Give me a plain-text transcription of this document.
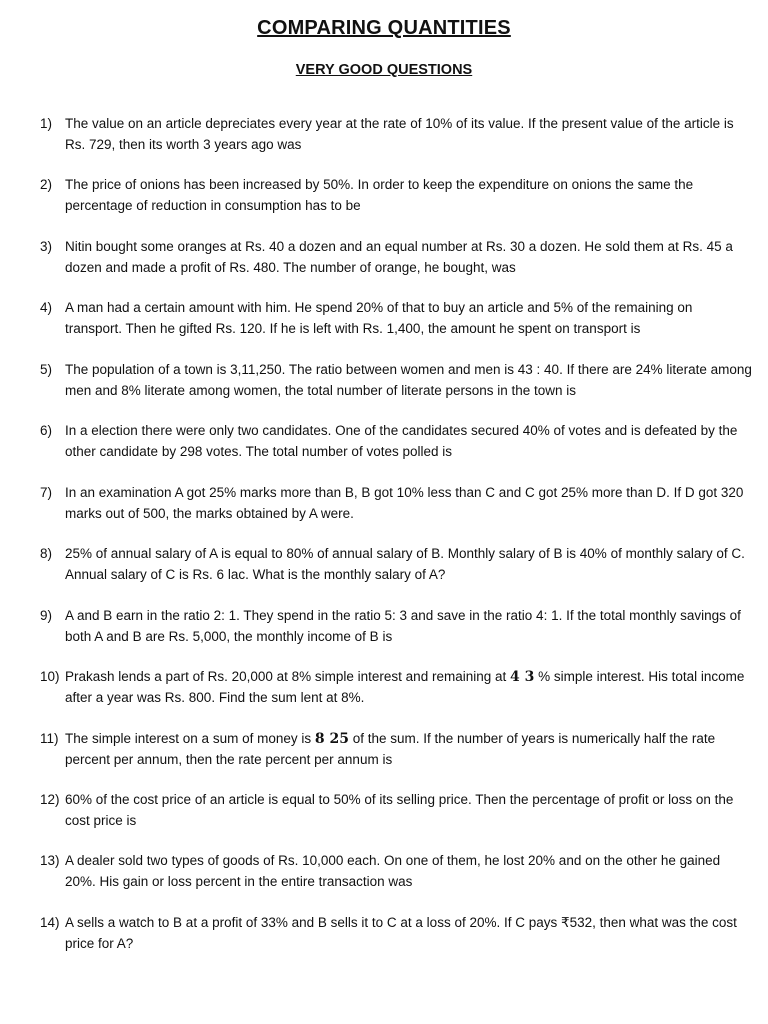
COMPARING QUANTITIES
VERY GOOD QUESTIONS
1) The value on an article depreciates every year at the rate of 10% of its value. If the present value of the article is Rs. 729, then its worth 3 years ago was
2) The price of onions has been increased by 50%. In order to keep the expenditure on onions the same the percentage of reduction in consumption has to be
3) Nitin bought some oranges at Rs. 40 a dozen and an equal number at Rs. 30 a dozen. He sold them at Rs. 45 a dozen and made a profit of Rs. 480. The number of orange, he bought, was
4) A man had a certain amount with him. He spend 20% of that to buy an article and 5% of the remaining on transport. Then he gifted Rs. 120. If he is left with Rs. 1,400, the amount he spent on transport is
5) The population of a town is 3,11,250. The ratio between women and men is 43 : 40. If there are 24% literate among men and 8% literate among women, the total number of literate persons in the town is
6) In a election there were only two candidates. One of the candidates secured 40% of votes and is defeated by the other candidate by 298 votes. The total number of votes polled is
7) In an examination A got 25% marks more than B, B got 10% less than C and C got 25% more than D. If D got 320 marks out of 500, the marks obtained by A were.
8) 25% of annual salary of A is equal to 80% of annual salary of B. Monthly salary of B is 40% of monthly salary of C. Annual salary of C is Rs. 6 lac. What is the monthly salary of A?
9) A and B earn in the ratio 2: 1. They spend in the ratio 5: 3 and save in the ratio 4: 1. If the total monthly savings of both A and B are Rs. 5,000, the monthly income of B is
10) Prakash lends a part of Rs. 20,000 at 8% simple interest and remaining at 4 3 % simple interest. His total income after a year was Rs. 800. Find the sum lent at 8%.
11) The simple interest on a sum of money is 8 25 of the sum. If the number of years is numerically half the rate percent per annum, then the rate percent per annum is
12) 60% of the cost price of an article is equal to 50% of its selling price. Then the percentage of profit or loss on the cost price is
13) A dealer sold two types of goods of Rs. 10,000 each. On one of them, he lost 20% and on the other he gained 20%. His gain or loss percent in the entire transaction was
14) A sells a watch to B at a profit of 33% and B sells it to C at a loss of 20%. If C pays ₹532, then what was the cost price for A?
